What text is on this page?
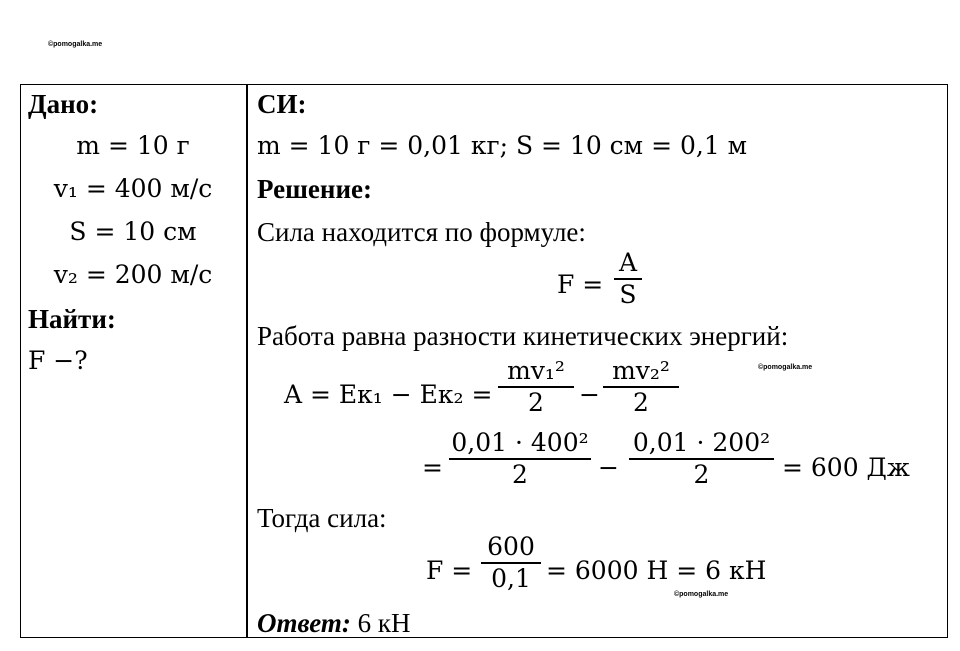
©pomogalka.me
©pomogalka.me
©pomogalka.me
Дано:
m = 10 г
v₁ = 400 м/с
S = 10 см
v₂ = 200 м/с
Найти:
F −?
СИ:
m = 10 г = 0,01 кг; S = 10 см = 0,1 м
Решение:
Сила находится по формуле:
F =
A
S
Работа равна разности кинетических энергий:
A = Eк₁ − Eк₂ =
mv₁²
2 −
mv₂²
2
=
0,01 · 400²
2	−
0,01 · 200²
2	= 600 Дж
Тогда сила:
F =
600
0,1 = 6000 Н = 6 кН
Ответ: 6 кН
